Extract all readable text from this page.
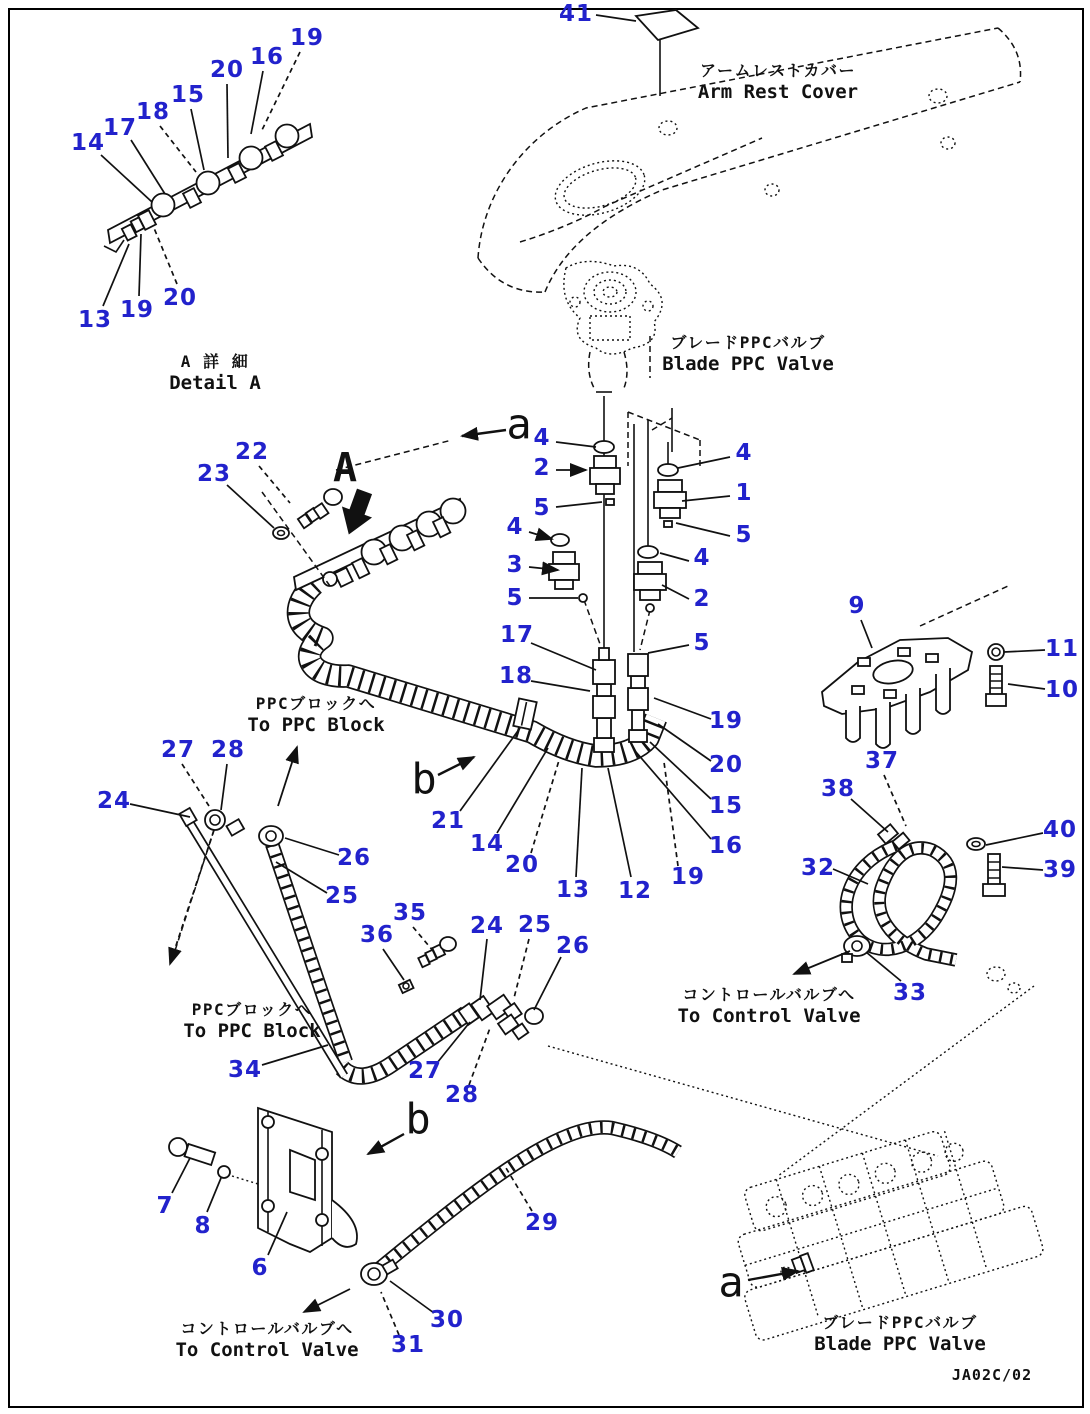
アームレストカバー
Arm Rest Cover
ブレードPPCバルブ
Blade PPC Valve
A 詳 細
Detail A
PPCブロックへ
To PPC Block
PPCブロックへ
To PPC Block
コントロールバルブへ
To Control Valve
コントロールバルブへ
To Control Valve
ブレードPPCバルブ
Blade PPC Valve
a
A
b
b
a
19
16
20
15
18
17
14
13 19 20
41
22
23
4
2
5
4
3
5
17
18
4
1
5
4
2
5
19
20
15
16
19
21
14
20
13 12
9
11
10
37
38
40
39
32
33
27 28
24
26
25
35
36	24 25
26
27
28
34
7
8
6
29
30
31
JA02C/02
